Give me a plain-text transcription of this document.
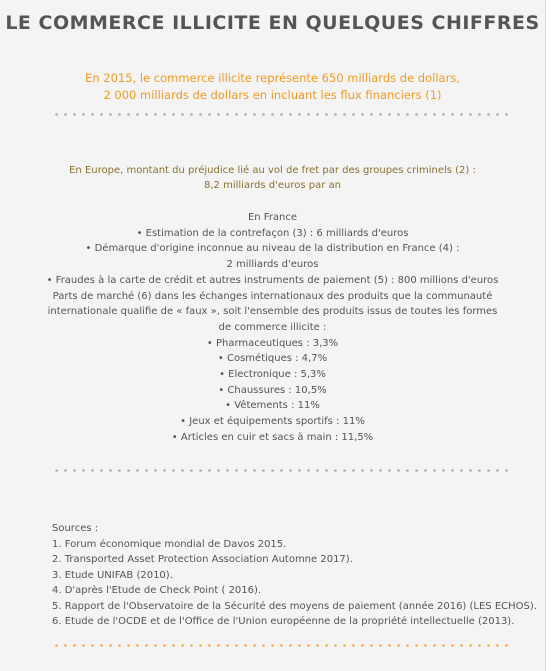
LE COMMERCE ILLICITE EN QUELQUES CHIFFRES
En 2015, le commerce illicite représente 650 milliards de dollars,
2 000 milliards de dollars en incluant les flux financiers (1)
En Europe, montant du préjudice lié au vol de fret par des groupes criminels (2) :
8,2 milliards d'euros par an
En France
• Estimation de la contrefaçon (3) : 6 milliards d'euros
• Démarque d'origine inconnue au niveau de la distribution en France (4) :
2 milliards d'euros
• Fraudes à la carte de crédit et autres instruments de paiement (5) : 800 millions d'euros
Parts de marché (6) dans les échanges internationaux des produits que la communauté
internationale qualifie de « faux », soit l'ensemble des produits issus de toutes les formes
de commerce illicite :
• Pharmaceutiques : 3,3%
• Cosmétiques : 4,7%
• Electronique : 5,3%
• Chaussures : 10,5%
• Vêtements : 11%
• Jeux et équipements sportifs : 11%
• Articles en cuir et sacs à main : 11,5%
Sources :
1. Forum économique mondial de Davos 2015.
2. Transported Asset Protection Association Automne 2017).
3. Etude UNIFAB (2010).
4. D'après l'Etude de Check Point ( 2016).
5. Rapport de l'Observatoire de la Sécurité des moyens de paiement (année 2016) (LES ECHOS).
6. Etude de l'OCDE et de l'Office de l'Union européenne de la propriété intellectuelle (2013).
